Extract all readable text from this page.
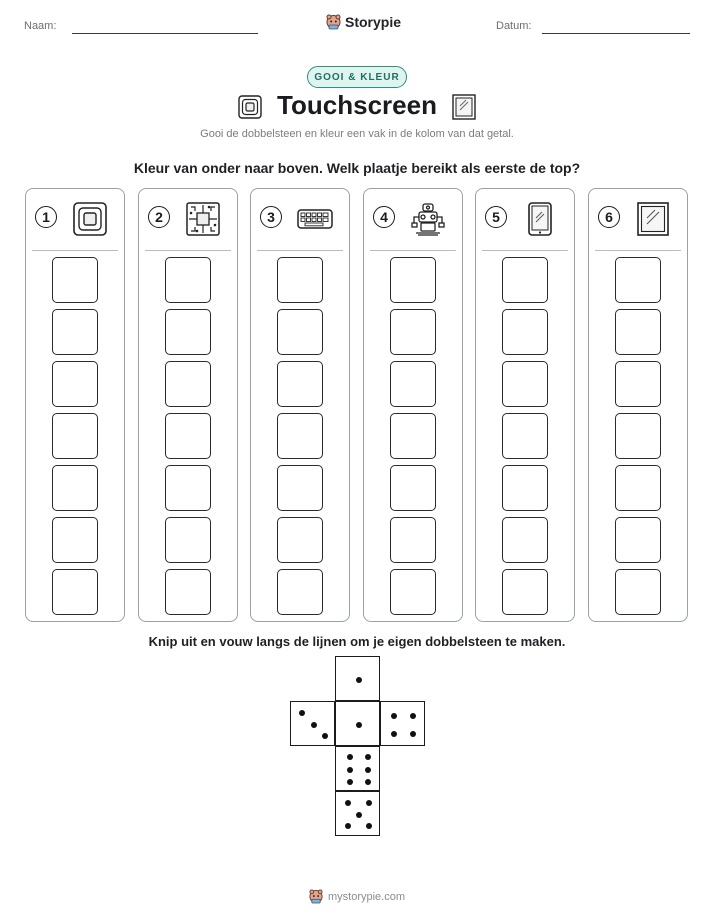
Naam:	Storypie	Datum:
GOOI & KLEUR
Touchscreen
Gooi de dobbelsteen en kleur een vak in de kolom van dat getal.
Kleur van onder naar boven. Welk plaatje bereikt als eerste de top?
1	2	3	4	5	6
Knip uit en vouw langs de lijnen om je eigen dobbelsteen te maken.
mystorypie.com
